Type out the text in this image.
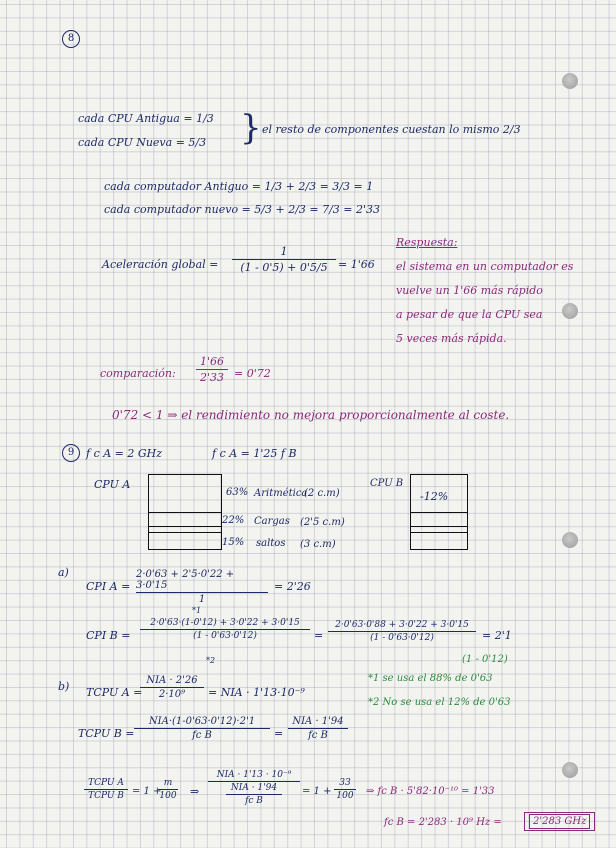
8
cada CPU Antigua = 1/3
cada CPU Nueva = 5/3 } el resto de componentes cuestan lo mismo 2/3
cada computador Antiguo = 1/3 + 2/3 = 3/3 = 1
cada computador nuevo = 5/3 + 2/3 = 7/3 = 2'33
Aceleración global =
1
(1 - 0'5) + 0'5/5 = 1'66
Respuesta:
el sistema en un computador es
vuelve un 1'66 más rápido
a pesar de que la CPU sea
5 veces más rápida.
comparación:
1'66
2'33 = 0'72
0'72 < 1 ⇒ el rendimiento no mejora proporcionalmente al coste.
9	f c A = 2 GHz	f c A = 1'25 f B
CPU A
63% Aritmética
(2 c.m)
22% Cargas (2'5 c.m)
15% saltos (3 c.m)
CPU B
-12%
a)
CPI A =
2·0'63 + 2'5·0'22 + 3·0'15
1
= 2'26
*1
CPI B =
2·0'63·(1-0'12) + 3·0'22 + 3·0'15
(1 - 0'63·0'12)
*2
=
2·0'63·0'88 + 3·0'22 + 3·0'15
(1 - 0'63·0'12)	= 2'1
(1 - 0'12)
*1 se usa el 88% de 0'63
*2 No se usa el 12% de 0'63
b) TCPU A =
NIA · 2'26
2·10⁹ = NIA · 1'13·10⁻⁹
TCPU B =
NIA·(1-0'63·0'12)·2'1
fc B	=
NIA · 1'94
fc B
TCPU A
TCPU B = 1 +
m
100 ⇒
NIA · 1'13 · 10⁻⁹
NIA · 1'94
fc B
= 1 +
33
100 ⇒ fc B · 5'82·10⁻¹⁰ = 1'33
fc B = 2'283 · 10⁹ Hz =	2'283 GHz
